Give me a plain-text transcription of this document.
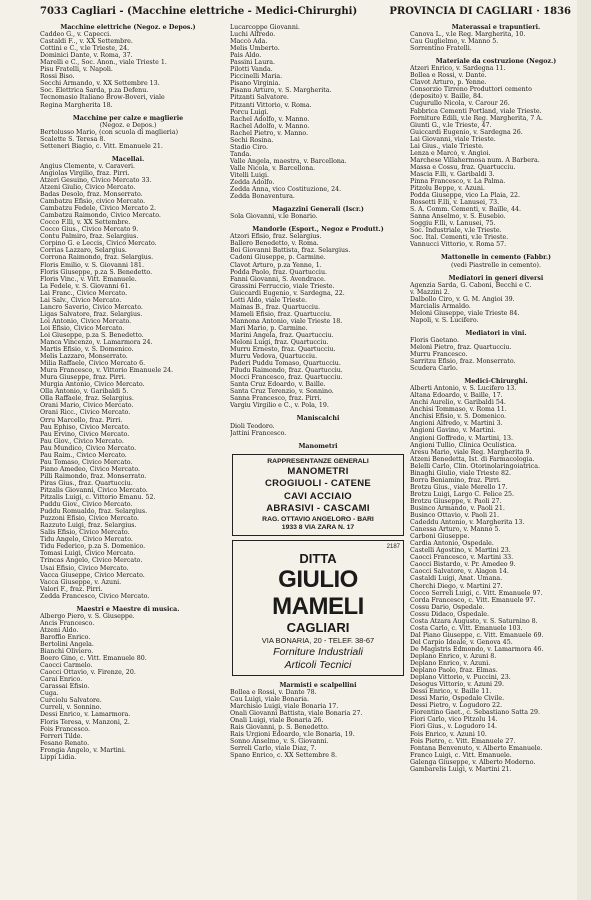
7033 Cagliari - (Macchine elettriche - Medici-Chirurghi)	PROVINCIA DI CAGLIARI · 1836
Macchine elettriche (Negoz. e Depos.)
Caddeo G., v. Capecci.
Castaldi F.., v. XX Settembre.
Cottini e C., v.le Trieste, 24.
Dominici Dante, v. Roma, 37.
Marelli e C., Soc. Anon., viale Trieste 1.
Pisu Fratelli, v. Napoli.
Rossi Biso.
Secchi Armando, v. XX Settembre 13.
Soc. Elettrica Sarda, p.za Defenu.
Tecnomasio Italiano Brow-Boveri, viale
Regina Margherita 18.
Macchine per calze e maglierie
(Negoz. e Depos.)
Bertolusso Mario, (con scuola di maglieria)
Scalette S. Teresa 8.
Setteneri Biagio, c. Vitt. Emanuele 21.
Macellai.
Angius Clemente, v. Caraveri.
Angiolas Virgilio, fraz. Pirri.
Atzeri Gesuino, Civico Mercato 33.
Atzeni Giulio, Civico Mercato.
Badas Desolo, fraz. Monserrato.
Cambatzu Efisio, civico Mercato.
Cambatzu Fedele, Civico Mercato 2.
Cambatzu Raimondo, Civico Mercato.
Cocco F.lli, v. XX Settembre.
Cocco Gius., Civico Mercato 9.
Contu Palmiro, fraz. Selargius.
Corpino G. e Leccis, Civico Mercato.
Corrias Lazzaro, Selargius.
Corrona Raimondo, fraz. Selargius.
Floris Emilio, v. S. Giovanni 181.
Floris Giuseppe, p.za S. Benedetto.
Floris Vinc., v. Vitt. Emanuele.
La Fedele, v. S. Giovanni 61.
Lai Franc., Civico Mercato.
Lai Salv., Civico Mercato.
Lancro Saverio, Civico Mercato.
Ligas Salvatore, fraz. Selargius.
Loi Antonio, Civico Mercato.
Loi Efisio, Civico Mercato.
Loi Giuseppe, p.za S. Benedetto.
Manca Vincenzo, v. Lamarmora 24.
Martis Efisio, v. S. Domenico.
Melis Lazzaro, Monserrato.
Milia Raffaele, Civico Mercato 6.
Mura Francesco, v. Vittorio Emanuele 24.
Mura Giuseppe, fraz. Pirri.
Murgia Antonio, Civico Mercato.
Olla Antonio, v. Garibaldi 5.
Olla Raffaele, fraz. Selargius.
Orani Mario, Civico Mercato.
Orani Ricc., Civico Mercato.
Orru Marcello, fraz. Pirri.
Pau Ephiso, Civico Mercato.
Pau Ervino, Civico Mercato.
Pau Giov., Civico Mercato.
Pau Mundico, Civico Mercato.
Pau Raim., Civico Mercato.
Pau Tomaso, Civico Mercato.
Piano Amedeo, Civico Mercato.
Pilli Raimondo, fraz. Monserrato.
Piras Gius., fraz. Quartucciu.
Pitzalis Giovanni, Civico Mercato.
Pitzalis Luigi, c. Vittorio Emanu. 52.
Puddu Giov., Civico Mercato.
Puddu Romualdo, fraz. Selargius.
Puzzoni Efisio, Civico Mercato.
Razzuto Luigi, fraz. Selargius.
Salis Efisio, Civico Mercato.
Tidu Angelo, Civico Mercato.
Tidu Federico, p.za S. Domenico.
Tomasi Luigi, Civico Mercato.
Trincas Angelo, Civico Mercato.
Usai Efisio, Civico Mercato.
Vacca Giuseppe, Civico Mercato.
Vacca Giuseppe, v. Azuni.
Valori F., fraz. Pirri.
Zedda Francesco, Civico Mercato.
Maestri e Maestre di musica.
Albergo Piero, v. S. Giuseppe.
Ancis Francesco.
Atzeni Aldo.
Baroffio Enrico.
Bertolini Angela.
Bianchi Oliviero.
Boero Gino, c. Vitt. Emanuele 80.
Caocci Carmelo.
Caocci Ottavio, v. Firenze, 20.
Carai Enrico.
Carassai Efisio.
Cuga.
Curciolu Salvatore.
Curreli, v. Sonnino.
Dessi Enrico, v. Lamarmora.
Floris Teresa, v. Manzoni, 2.
Fois Francesco.
Ferreri Tilde.
Fesano Renato.
Frongia Angelo, v. Martini.
Lippi Lidia.
Lucarcoppe Giovanni.
Luchi Alfredo.
Maccò Ada.
Melis Umberto.
Pais Aldo.
Passini Laura.
Pilotti Vanda.
Piccinelli Maria.
Pisano Virginia.
Pisanu Arturo, v. S. Margherita.
Pitzanti Salvatore.
Pitzanti Vittorio, v. Roma.
Porcu Luigi.
Rachel Adolfo, v. Manno.
Rachel Adolfo, v. Manno.
Rachel Pietro, v. Manno.
Sechi Rosina.
Stadio Ciro.
Tanda.
Valle Angela, maestra, v. Barcellona.
Valle Nicola, v. Barcellona.
Vitelli Luigi.
Zedda Adolfo.
Zedda Anna, vico Costituzione, 24.
Zedda Bonaventura.
Magazzini Generali (Iscr.)
Sola Giovanni, v.le Bonario.
Mandorle (Esport., Negoz e Produtt.)
Atzori Efisio, fraz. Selargius.
Ballero Benedetto, v. Roma.
Boi Giovanni Battista, fraz. Selargius.
Cadoni Giuseppe, p. Carmine.
Clavot Arturo, p.za Yenne, 1.
Podda Paolo, fraz. Quartucciu.
Fanni Giovanni, S. Avendrace.
Grassini Ferruccio, viale Trieste.
Guiccardi Eugenio, v. Sardegna, 22.
Lotti Aldo, viale Trieste.
Mainas B., fraz. Quartucciu.
Mameli Efisio, fraz. Quartucciu.
Mannona Antonio, viale Trieste 18.
Mari Mario, p. Carmine.
Marini Angela, fraz. Quartucciu.
Meloni Luigi, fraz. Quartucciu.
Murru Ernesto, fraz. Quartucciu.
Murru Vedova, Quartucciu.
Paderi Puddu Tomaso, Quartucciu.
Piludu Raimondo, fraz. Quartucciu.
Mocci Francesco, fraz. Quartucciu.
Santa Cruz Edoardo, v. Baille.
Santa Cruz Terenzio, v. Sonnino.
Sanna Francesco, fraz. Pirri.
Vargiu Virgilio e C., v. Pola, 19.
Maniscalchi
Dioli Teodoro.
Jattini Francesco.
Manometri
RAPPRESENTANZE GENERALI
MANOMETRI
CROGIUOLI - CATENE
CAVI ACCIAIO
ABRASIVI - CASCAMI
RAG. OTTAVIO ANGELORO - BARI
1933 8 VIA ZARA N. 17
2187
DITTA
GIULIO MAMELI
CAGLIARI
VIA BONARIA, 20 - TELEF. 38-67
Forniture Industriali
Articoli Tecnici
Marmisti e scalpellini
Bollea e Rossi, v. Dante 78.
Cau Luigi, viale Bonaria.
Marchisio Luigi, viale Bonaria 17.
Onali Giovanni Battista, viale Bonaria 27.
Onali Luigi, viale Bonaria 26.
Rais Giovanni, p. S. Benedetto.
Rais Urgioni Edoardo, v.le Bonaria, 19.
Sonno Anselmo, v. S. Giovanni.
Serreli Carlo, viale Diaz, 7.
Spano Enrico, c. XX Settembre 8.
Materassai e trapuntieri.
Canova L., v.le Reg. Margherita, 10.
Cau Guglielmo, v. Manno 5.
Sorrentino Fratelli.
Materiale da costruzione (Negoz.)
Atzeri Enrico, v. Sardegna 11.
Bollea e Rossi, v. Dante.
Clavot Arturo, p. Yenne.
Consorzio Tirreno Produttori cemento
(deposito) v. Baille, 84.
Cugurullo Nicola, v. Carour 26.
Fabbrica Cementi Portland, viale Trieste.
Forniture Edili, v.le Reg. Margherita, 7 A.
Giunti G., v.le Trieste, 47.
Guiccardi Eugenio, v. Sardegna 26.
Lai Giovanni, viale Trieste.
Lai Gius., viale Trieste.
Lenza e Marcò, v. Angioi.
Marchese Villahermosa num. A Barbera.
Massa e Cossu, fraz. Quartucciu.
Mascia F.lli, v. Garibaldi 3.
Pinna Francesco, v. La Palma.
Pitzolu Beppe, v. Azuni.
Podda Giuseppe, vico La Plaia, 22.
Rossetti F.lli, v. Lanusei, 73.
S. A. Comm. Cementi, v. Baille, 44.
Sanna Anselmo, v. S. Eusebio.
Soggiu F.lli, v. Lanusei, 75.
Soc. Industriale, v.le Trieste.
Soc. Ital. Cementi, v.le Trieste.
Vannucci Vittorio, v. Roma 57.
Mattonelle in cemento (Fabbr.)
(vedi Piastrelle in cemento).
Mediatori in generi diversi
Agenzia Sarda, G. Caboni, Becchi e C.
v. Mazzini 2.
Dalbollo Ciro, v. G. M. Angioi 39.
Marcialis Armaldo.
Meloni Giuseppe, viale Trieste 84.
Napoli, v. S. Lucifero.
Mediatori in vini.
Floris Gaetano.
Melonì Pietro, fraz. Quartucciu.
Murru Francesco.
Sarritzu Efisio, fraz. Monserrato.
Scudera Carlo.
Medici-Chirurghi.
Alberti Antonio, v. S. Lucifero 13.
Altana Edoardo, v. Baille, 17.
Anchi Aurelio, v. Garibaldi 54.
Anchisi Tommaso, v. Roma 11.
Anchisi Efisio, v. S. Domenico.
Angioni Alfredo, v. Martini 3.
Angioni Gavino, v. Martini.
Angioni Goffredo, v. Martini, 13.
Angioni Tullio, Clinica Oculistica.
Aresu Mario, viale Reg. Margherita 9.
Atzeni Benedetta, Ist. di Farmacologia.
Belelli Carlo, Clin. Otorinolaringoiatrica.
Binaghi Giulio, viale Trieste 82.
Borra Beniamino, fraz. Pirri.
Brotzu Gius., viale Merello 17.
Brotzu Luigi, Largo C. Felice 25.
Brotzu Giuseppe, v. Paoli 27.
Businco Armando, v. Paoli 21.
Businco Ottavio, v. Paoli 21.
Cadeddu Antonio, v. Margherita 13.
Canessa Arturo, v. Manno 5.
Carboni Giuseppe.
Cardia Antonio, Ospedale.
Castelli Agostino, v. Martini 23.
Caocci Francesco, v. Martini 33.
Caocci Bistardo, v. Pr. Amedeo 9.
Caocci Salvatore, v. Alagon 14.
Castaldi Luigi, Anat. Umana.
Cherchi Diego, v. Martini 27.
Cocco Serreli Luigi, c. Vitt. Emanuele 97.
Corda Francesco, c. Vitt. Emanuele 97.
Cossu Dario, Ospedale.
Cossu Didaco, Ospedale.
Costa Atzara Augusto, v. S. Saturnino 8.
Costa Carlo, c. Vitt. Emanuele 103.
Dal Piano Giuseppe, c. Vitt. Emanuele 69.
Del Carpio Ideale, v. Genova 45.
De Magistris Edmondo, v. Lamarmora 46.
Deplano Enrico, v. Azuni 8.
Deplano Enrico, v. Azuni.
Deplano Paolo, fraz. Elmas.
Deplano Vittorio, v. Puccini, 23.
Desogus Vittorio, v. Azuni 29.
Dessì Enrico, v. Baille 11.
Dessì Mario, Ospedale Civile.
Dessi Pietro, v. Logudoro 22.
Fiorentino Gaet., c. Sebastiano Satta 29.
Fiori Carlo, vico Pitzolu 14.
Fiori Gius., v. Logudoro 14.
Fois Enrico, v. Azuni 10.
Fois Pietro, c. Vitt. Emanuele 27.
Fontana Benvenuto, v. Alberto Emanuele.
Franco Luigi, c. Vitt. Emanuele.
Galenga Giuseppe, v. Alberto Moderno.
Gambarelis Luigi, v. Martini 21.
